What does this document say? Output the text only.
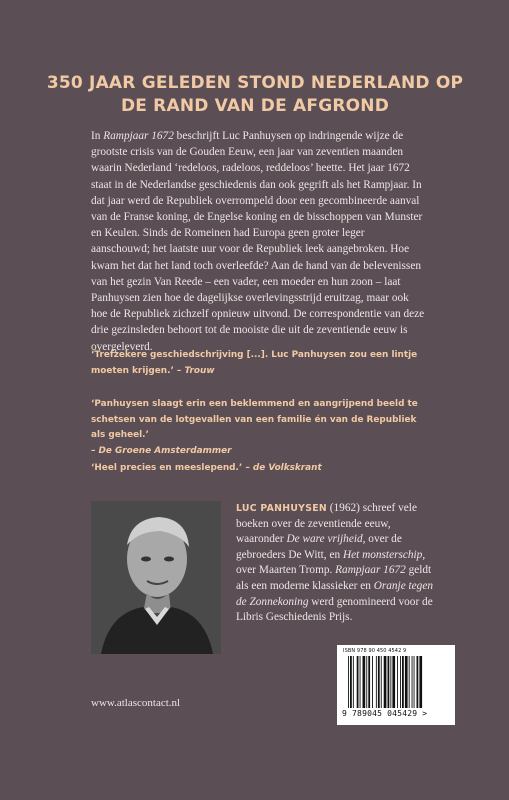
350 JAAR GELEDEN STOND NEDERLAND OP
DE RAND VAN DE AFGROND

In Rampjaar 1672 beschrijft Luc Panhuysen op indringende wijze de grootste crisis van de Gouden Eeuw, een jaar van zeventien maanden waarin Nederland ‘redeloos, radeloos, reddeloos’ heette. Het jaar 1672 staat in de Nederlandse geschiedenis dan ook gegrift als het Rampjaar. In dat jaar werd de Republiek overrompeld door een gecombineerde aanval van de Franse koning, de Engelse koning en de bisschoppen van Munster en Keulen. Sinds de Romeinen had Europa geen groter leger aanschouwd; het laatste uur voor de Republiek leek aangebroken. Hoe kwam het dat het land toch overleefde? Aan de hand van de belevenissen van het gezin Van Reede – een vader, een moeder en hun zoon – laat Panhuysen zien hoe de dagelijkse overlevingsstrijd eruitzag, maar ook hoe de Republiek zichzelf opnieuw uitvond. De correspondentie van deze drie gezinsleden behoort tot de mooiste die uit de zeventiende eeuw is overgeleverd.

‘Trefzekere geschiedschrijving [...]. Luc Panhuysen zou een lintje moeten krijgen.’ – Trouw

‘Panhuysen slaagt erin een beklemmend en aangrijpend beeld te schetsen van de lotgevallen van een familie én van de Republiek als geheel.’
– De Groene Amsterdammer

‘Heel precies en meeslepend.’ – de Volkskrant

LUC PANHUYSEN (1962) schreef vele boeken over de zeventiende eeuw, waaronder De ware vrijheid, over de gebroeders De Witt, en Het monsterschip, over Maarten Tromp. Rampjaar 1672 geldt als een moderne klassieker en Oranje tegen de Zonnekoning werd genomineerd voor de Libris Geschiedenis Prijs.

ISBN 978 90 450 4542 9
9 789045 045429 >
www.atlascontact.nl
